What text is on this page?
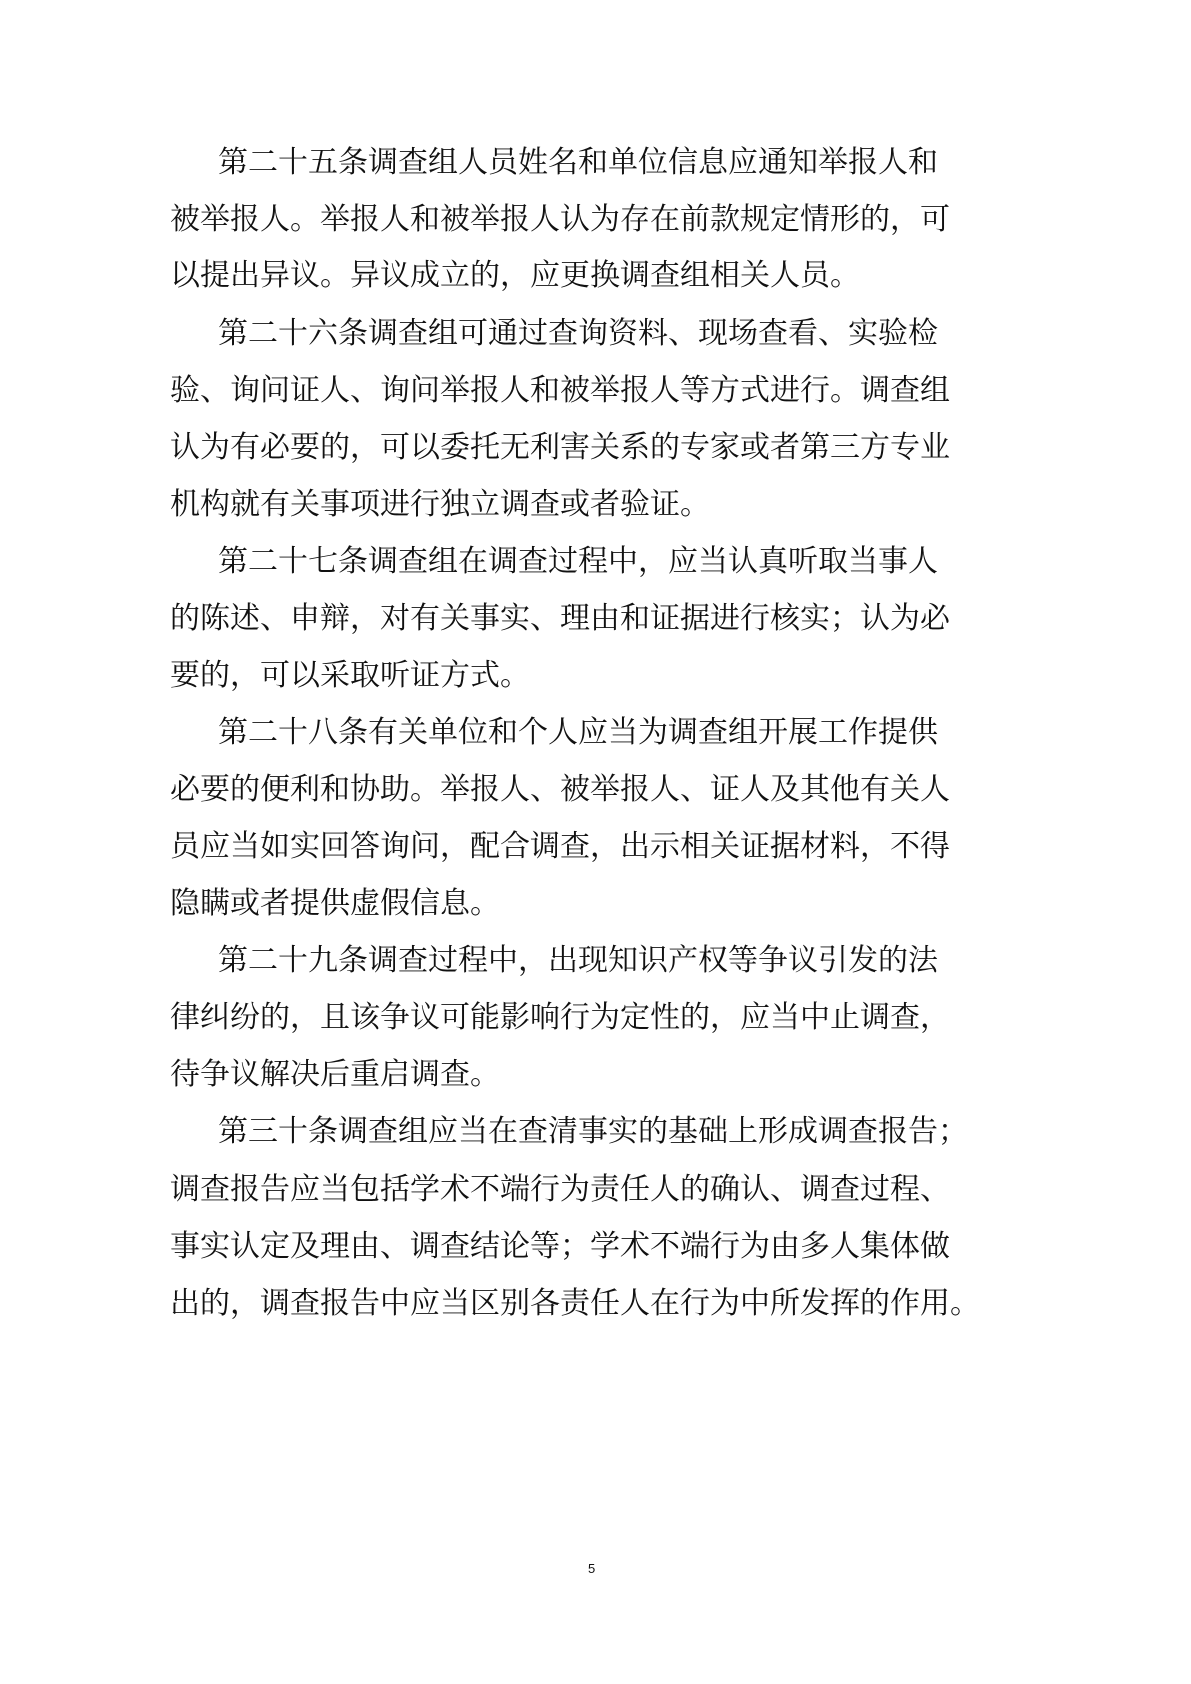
第二十五条调查组人员姓名和单位信息应通知举报人和
被举报人。举报人和被举报人认为存在前款规定情形的，可
以提出异议。异议成立的，应更换调查组相关人员。
第二十六条调查组可通过查询资料、现场查看、实验检
验、询问证人、询问举报人和被举报人等方式进行。调查组
认为有必要的，可以委托无利害关系的专家或者第三方专业
机构就有关事项进行独立调查或者验证。
第二十七条调查组在调查过程中，应当认真听取当事人
的陈述、申辩，对有关事实、理由和证据进行核实；认为必
要的，可以采取听证方式。
第二十八条有关单位和个人应当为调查组开展工作提供
必要的便利和协助。举报人、被举报人、证人及其他有关人
员应当如实回答询问，配合调查，出示相关证据材料，不得
隐瞒或者提供虚假信息。
第二十九条调查过程中，出现知识产权等争议引发的法
律纠纷的，且该争议可能影响行为定性的，应当中止调查，
待争议解决后重启调查。
第三十条调查组应当在查清事实的基础上形成调查报告；
调查报告应当包括学术不端行为责任人的确认、调查过程、
事实认定及理由、调查结论等；学术不端行为由多人集体做
出的，调查报告中应当区别各责任人在行为中所发挥的作用。
5
